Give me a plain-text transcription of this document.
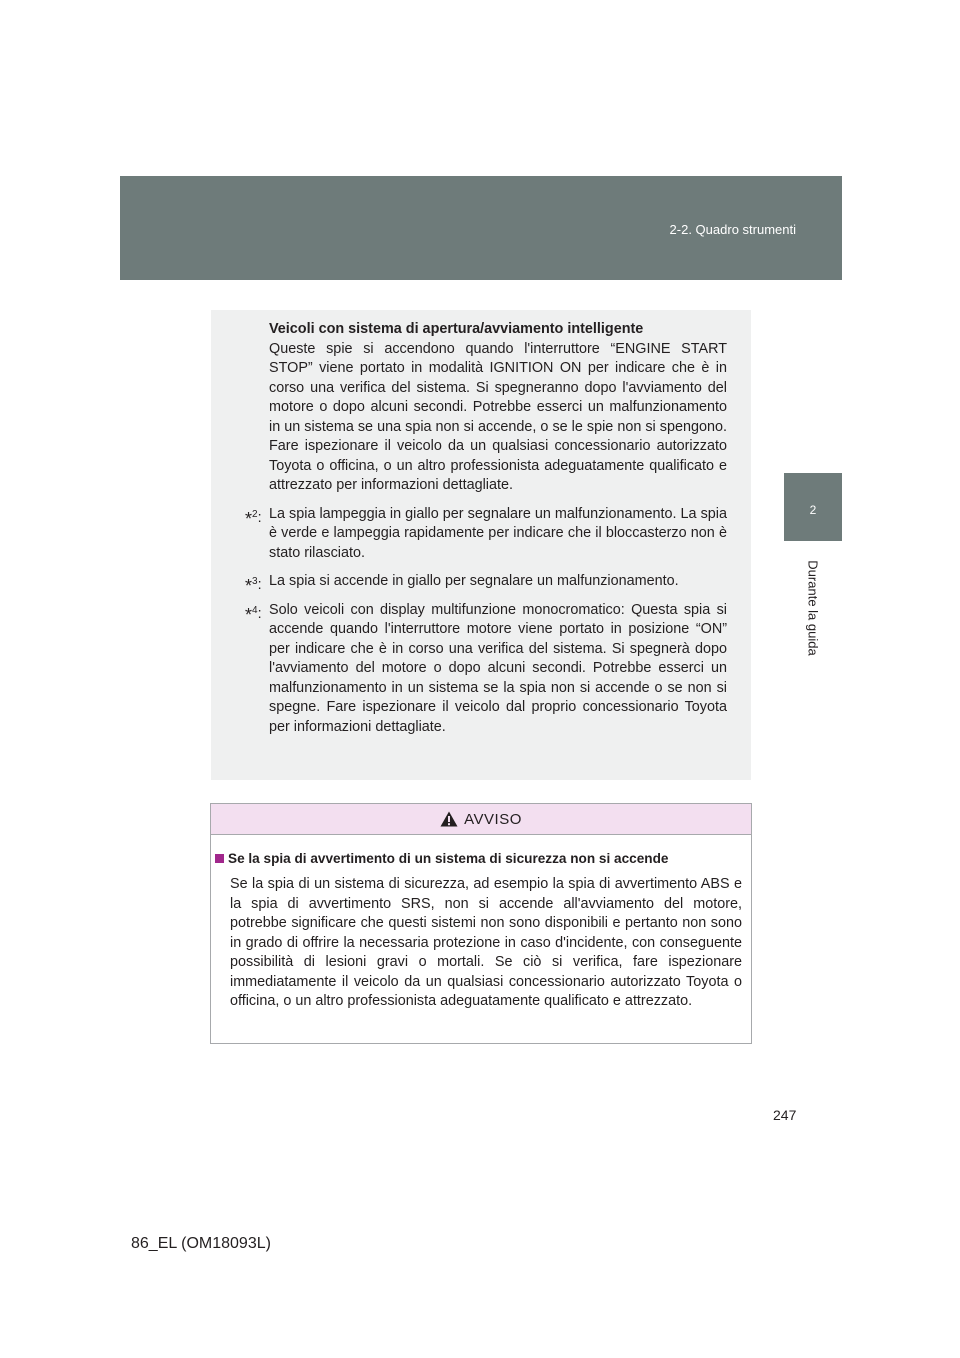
2-2. Quadro strumenti
2
Durante la guida

Veicoli con sistema di apertura/avviamento intelligente

Queste spie si accendono quando l'interruttore “ENGINE START STOP” viene portato in modalità IGNITION ON per indicare che è in corso una verifica del sistema. Si spegneranno dopo l'avviamento del motore o dopo alcuni secondi. Potrebbe esserci un malfunzionamento in un sistema se una spia non si accende, o se le spie non si spengono. Fare ispezionare il veicolo da un qualsiasi concessionario autorizzato Toyota o officina, o un altro professionista adeguatamente qualificato e attrezzato per informazioni dettagliate.

*$^2$: La spia lampeggia in giallo per segnalare un malfunzionamento. La spia è verde e lampeggia rapidamente per indicare che il bloccasterzo non è stato rilasciato.

*$^3$: La spia si accende in giallo per segnalare un malfunzionamento.

*$^4$: Solo veicoli con display multifunzione monocromatico: Questa spia si accende quando l'interruttore motore viene portato in posizione “ON” per indicare che è in corso una verifica del sistema. Si spegnerà dopo l'avviamento del motore o dopo alcuni secondi. Potrebbe esserci un malfunzionamento in un sistema se la spia non si accende o se non si spegne. Fare ispezionare il veicolo dal proprio concessionario Toyota per informazioni dettagliate.

AVVISO
Se la spia di avvertimento di un sistema di sicurezza non si accende
Se la spia di un sistema di sicurezza, ad esempio la spia di avvertimento ABS e la spia di avvertimento SRS, non si accende all'avviamento del motore, potrebbe significare che questi sistemi non sono disponibili e pertanto non sono in grado di offrire la necessaria protezione in caso d'incidente, con conseguente possibilità di lesioni gravi o mortali. Se ciò si verifica, fare ispezionare immediatamente il veicolo da un qualsiasi concessionario autorizzato Toyota o officina, o un altro professionista adeguatamente qualificato e attrezzato.
247
86_EL (OM18093L)
